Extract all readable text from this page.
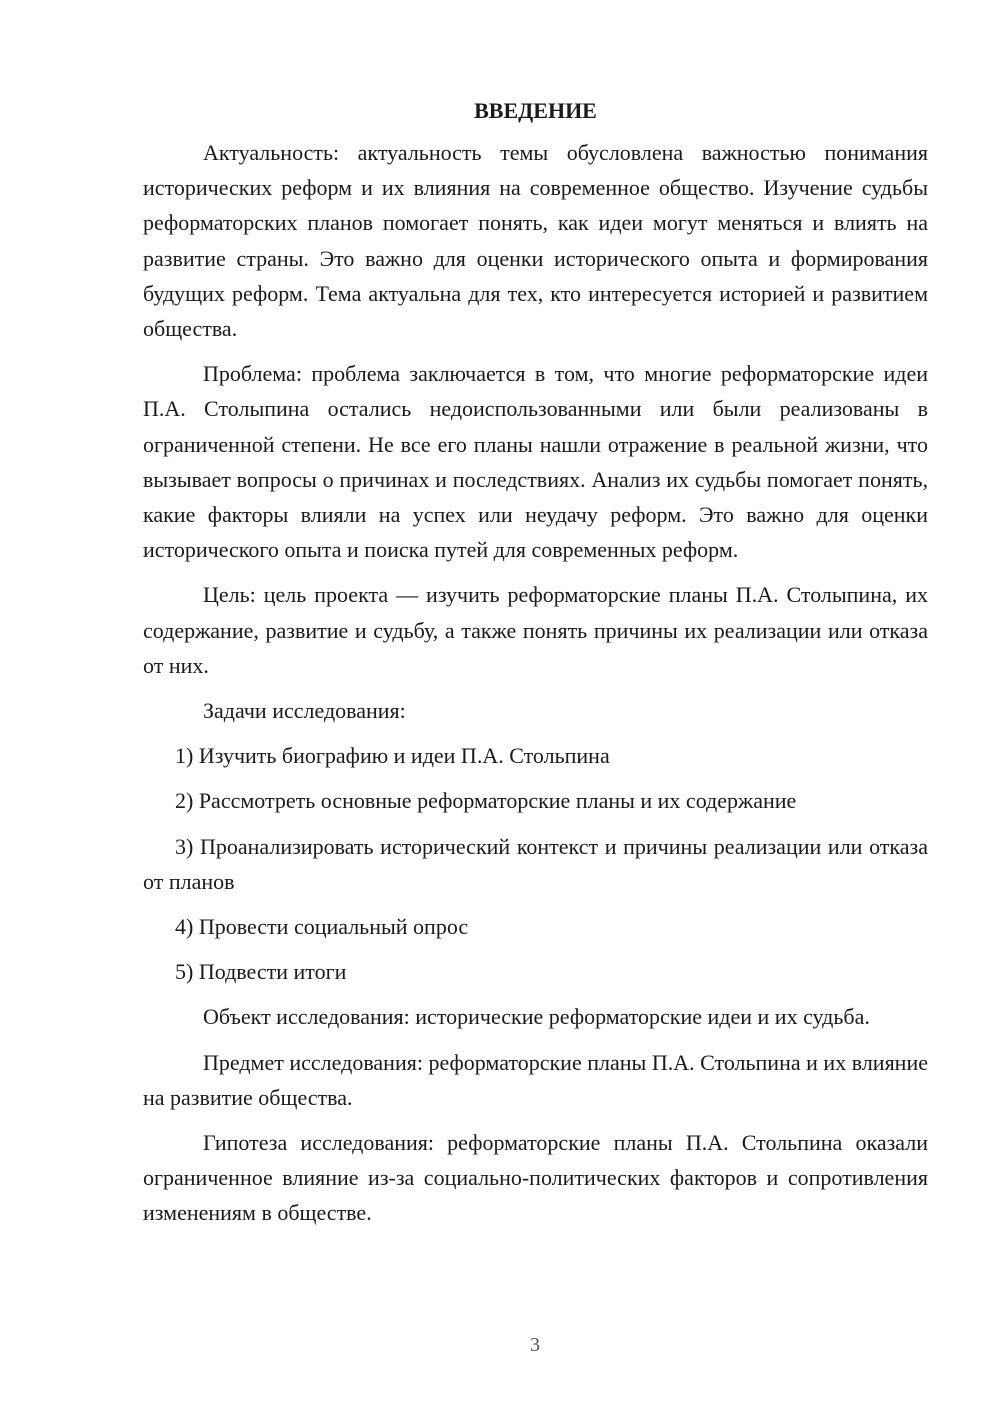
ВВЕДЕНИЕ

Актуальность: актуальность темы обусловлена важностью понимания исторических реформ и их влияния на современное общество. Изучение судьбы реформаторских планов помогает понять, как идеи могут меняться и влиять на развитие страны. Это важно для оценки исторического опыта и формирования будущих реформ. Тема актуальна для тех, кто интересуется историей и развитием общества.

Проблема: проблема заключается в том, что многие реформаторские идеи П.А. Столыпина остались недоиспользованными или были реализованы в ограниченной степени. Не все его планы нашли отражение в реальной жизни, что вызывает вопросы о причинах и последствиях. Анализ их судьбы помогает понять, какие факторы влияли на успех или неудачу реформ. Это важно для оценки исторического опыта и поиска путей для современных реформ.

Цель: цель проекта — изучить реформаторские планы П.А. Столыпина, их содержание, развитие и судьбу, а также понять причины их реализации или отказа от них.

Задачи исследования:

1) Изучить биографию и идеи П.А. Стольпина

2) Рассмотреть основные реформаторские планы и их содержание

3) Проанализировать исторический контекст и причины реализации или отказа от планов

4) Провести социальный опрос

5) Подвести итоги

Объект исследования: исторические реформаторские идеи и их судьба.

Предмет исследования: реформаторские планы П.А. Стольпина и их влияние на развитие общества.

Гипотеза исследования: реформаторские планы П.А. Стольпина оказали ограниченное влияние из-за социально-политических факторов и сопротивления изменениям в обществе.

3
